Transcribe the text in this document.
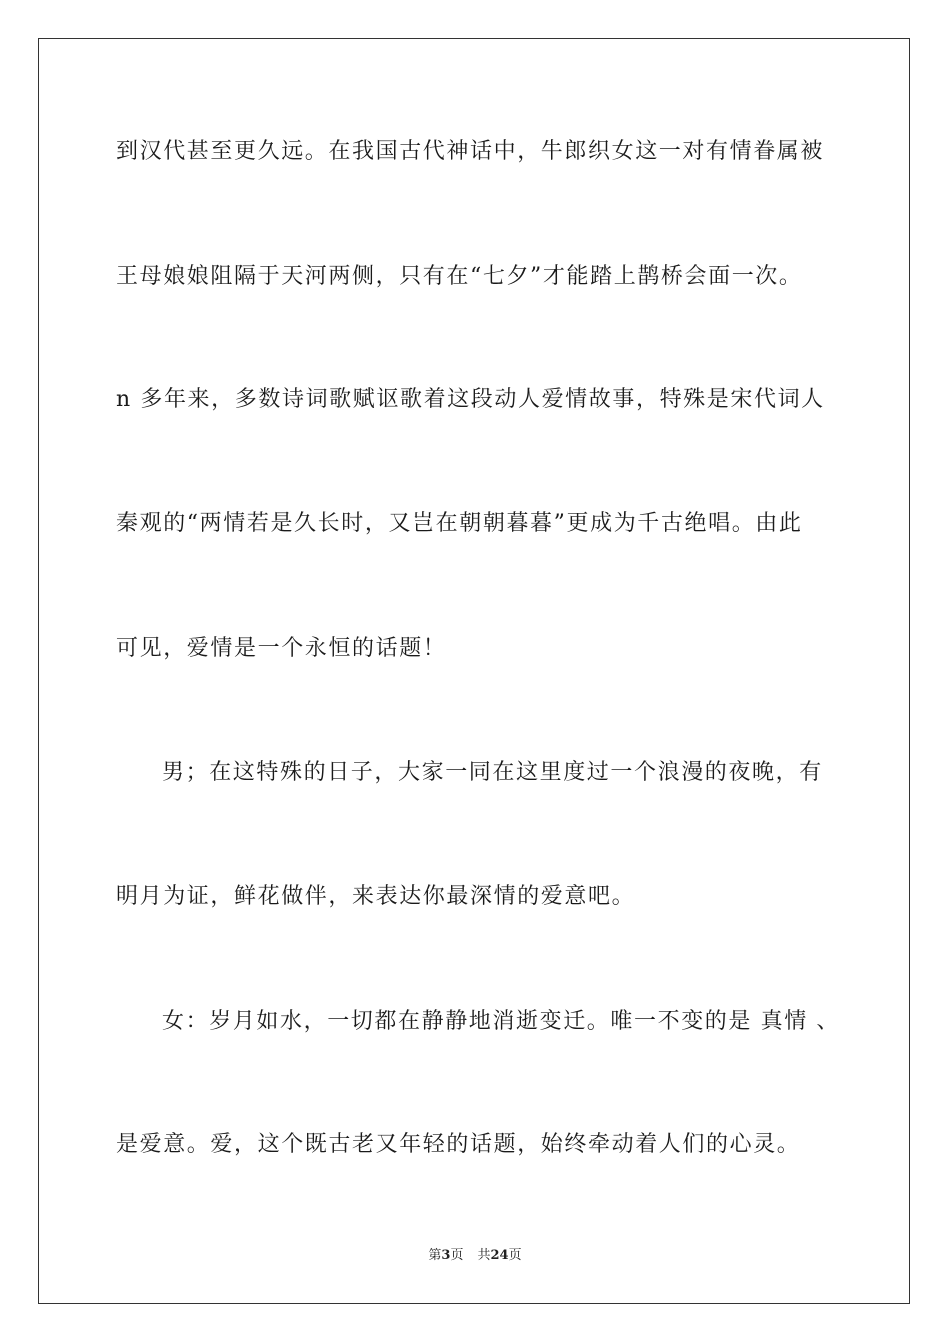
到汉代甚至更久远。在我国古代神话中，牛郎织女这一对有情眷属被
王母娘娘阻隔于天河两侧，只有在“七夕”才能踏上鹊桥会面一次。
n 多年来，多数诗词歌赋讴歌着这段动人爱情故事，特殊是宋代词人
秦观的“两情若是久长时，又岂在朝朝暮暮”更成为千古绝唱。由此
可见，爱情是一个永恒的话题！
男；在这特殊的日子，大家一同在这里度过一个浪漫的夜晚，有
明月为证，鲜花做伴，来表达你最深情的爱意吧。
女：岁月如水，一切都在静静地消逝变迁。唯一不变的是 真情 、
是爱意。爱，这个既古老又年轻的话题，始终牵动着人们的心灵。
第3页 共24页
